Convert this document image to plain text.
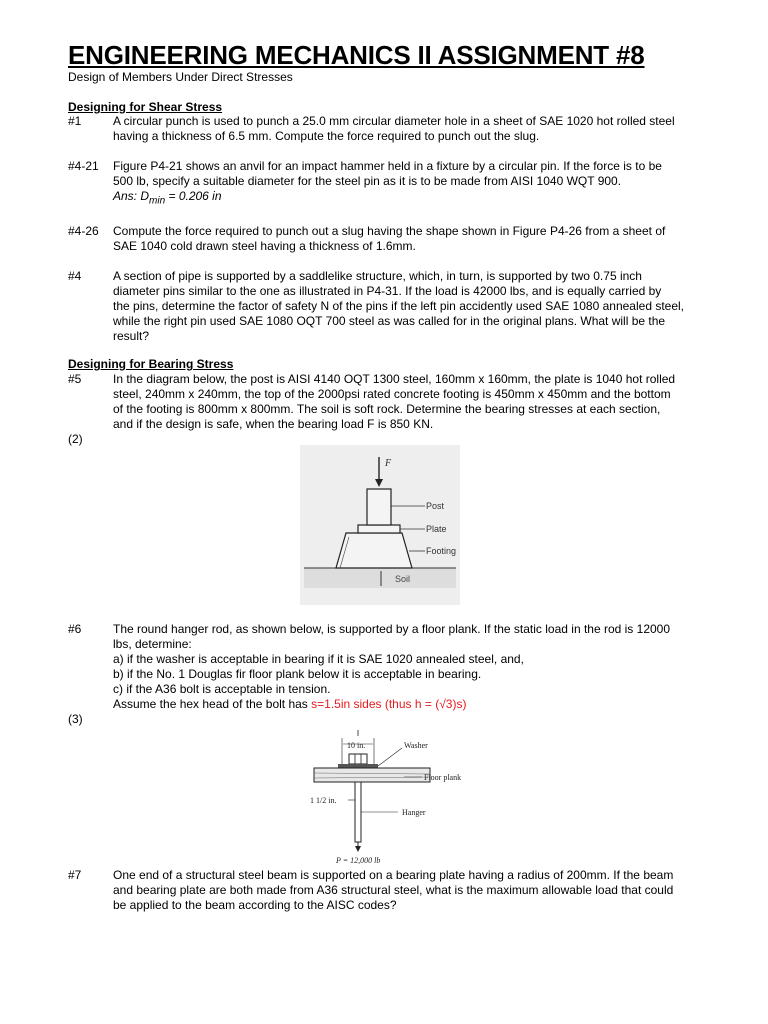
ENGINEERING MECHANICS II ASSIGNMENT #8
Design of Members Under Direct Stresses
Designing for Shear Stress
#1	A circular punch is used to punch a 25.0 mm circular diameter hole in a sheet of SAE 1020 hot rolled steel
having a thickness of 6.5 mm. Compute the force required to punch out the slug.
#4-21 Figure P4-21 shows an anvil for an impact hammer held in a fixture by a circular pin. If the force is to be
500 lb, specify a suitable diameter for the steel pin as it is to be made from AISI 1040 WQT 900.
Ans: $D_{min} = 0.206$ in
#4-26 Compute the force required to punch out a slug having the shape shown in Figure P4-26 from a sheet of
SAE 1040 cold drawn steel having a thickness of 1.6mm.
#4	A section of pipe is supported by a saddlelike structure, which, in turn, is supported by two 0.75 inch
diameter pins similar to the one as illustrated in P4-31. If the load is 42000 lbs, and is equally carried by
the pins, determine the factor of safety N of the pins if the left pin accidently used SAE 1080 annealed steel,
while the right pin used SAE 1080 OQT 700 steel as was called for in the original plans. What will be the
result?
Designing for Bearing Stress
#5	In the diagram below, the post is AISI 4140 OQT 1300 steel, 160mm x 160mm, the plate is 1040 hot rolled
steel, 240mm x 240mm, the top of the 2000psi rated concrete footing is 450mm x 450mm and the bottom
of the footing is 800mm x 800mm. The soil is soft rock. Determine the bearing stresses at each section,
and if the design is safe, when the bearing load F is 850 KN.
(2)
F
Post
Plate
Footing
Soil
#6	The round hanger rod, as shown below, is supported by a floor plank. If the static load in the rod is 12000
lbs, determine:
a) if the washer is acceptable in bearing if it is SAE 1020 annealed steel, and,
b) if the No. 1 Douglas fir floor plank below it is acceptable in bearing.
c) if the A36 bolt is acceptable in tension.
Assume the hex head of the bolt has s=1.5in sides (thus h = (√3)s)
(3)
10 in.	Washer
Floor plank
1 1/2 in.
Hanger
P = 12,000 lb
#7	One end of a structural steel beam is supported on a bearing plate having a radius of 200mm. If the beam
and bearing plate are both made from A36 structural steel, what is the maximum allowable load that could
be applied to the beam according to the AISC codes?
